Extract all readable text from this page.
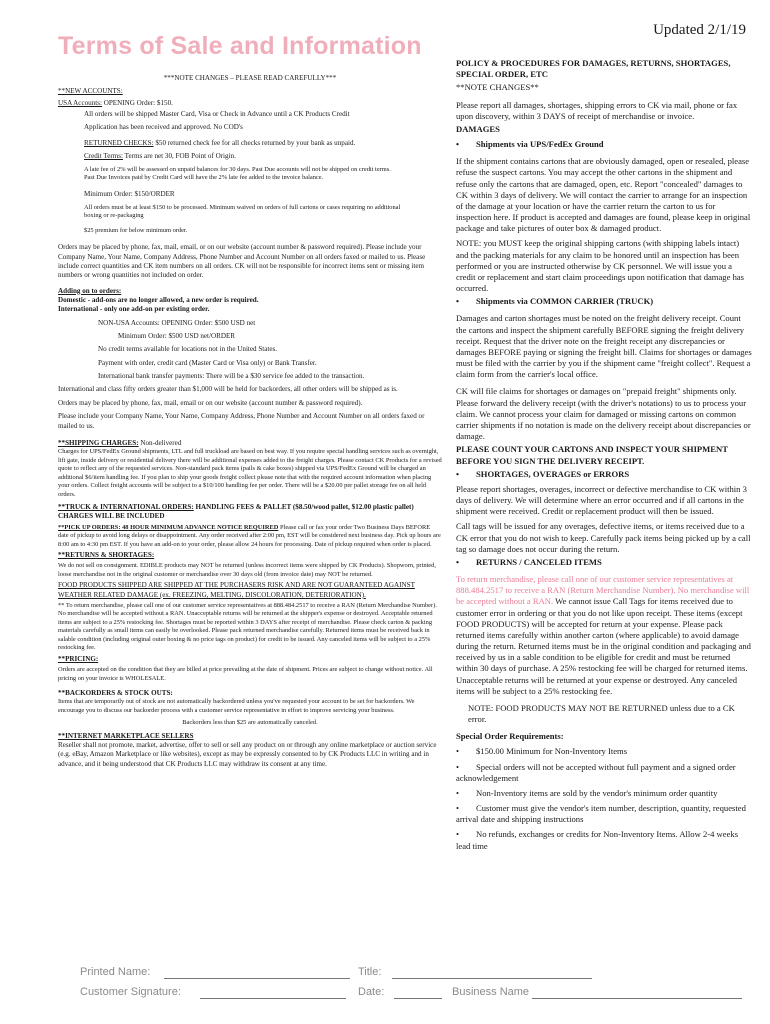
Terms of Sale and Information
Updated 2/1/19

***NOTE CHANGES – PLEASE READ CAREFULLY***

**NEW ACCOUNTS:

USA Accounts: OPENING Order: $150.

All orders will be shipped Master Card, Visa or Check in Advance until a CK Products Credit

Application has been received and approved. No COD's

RETURNED CHECKS: $50 returned check fee for all checks returned by your bank as unpaid.

Credit Terms: Terms are net 30, FOB Point of Origin.

A late fee of 2% will be assessed on unpaid balances for 30 days. Past Due accounts will not be shipped on credit terms.

Past Due Invoices paid by Credit Card will have the 2% late fee added to the invoice balance.

Minimum Order: $150/ORDER

All orders must be at least $150 to be processed. Minimum waived on orders of full cartons or cases requiring no additional

boxing or re-packaging

$25 premium for below minimum order.

Orders may be placed by phone, fax, mail, email, or on our website (account number & password required). Please include your Company Name, Your Name, Company Address, Phone Number and Account Number on all orders faxed or mailed to us. Please include correct quantities and CK item numbers on all orders. CK will not be responsible for incorrect items sent or missing item numbers or wrong quantities not included on order.

Adding on to orders:

Domestic - add-ons are no longer allowed, a new order is required.

International - only one add-on per existing order.

NON-USA Accounts: OPENING Order: $500 USD net

Minimum Order: $500 USD net/ORDER

No credit terms available for locations not in the United States.

Payment with order, credit card (Master Card or Visa only) or Bank Transfer.

International bank transfer payments: There will be a $30 service fee added to the transaction.

International and class fifty orders greater than $1,000 will be held for backorders, all other orders will be shipped as is.

Orders may be placed by phone, fax, mail, email or on our website (account number & password required).

Please include your Company Name, Your Name, Company Address, Phone Number and Account Number on all orders faxed or mailed to us.

**SHIPPING CHARGES: Non-delivered

Charges for UPS/FedEx Ground shipments, LTL and full truckload are based on best way. If you require special handling services such as overnight, lift gate, inside delivery or residential delivery there will be additional expenses added to the freight charges. Please contact CK Products for a revised quote to reflect any of the requested services. Non-standard pack items (pails & cake boxes) shipped via UPS/FedEx Ground will be charged an additional $6/item handling fee. If you plan to ship your goods freight collect please note that with the required account information when placing your orders. Collect freight accounts will be subject to a $10/100 handling fee per order. There will be a $20.00 per pallet storage fee on all held orders.

**TRUCK & INTERNATIONAL ORDERS: HANDLING FEES & PALLET ($8.50/wood pallet, $12.00 plastic pallet) CHARGES WILL BE INCLUDED

**PICK UP ORDERS: 48 HOUR MINIMUM ADVANCE NOTICE REQUIRED Please call or fax your order Two Business Days BEFORE date of pickup to avoid long delays or disappointment. Any order received after 2:00 pm, EST will be considered next business day. Pick up hours are 8:00 am to 4:30 pm EST. If you have an add-on to your order, please allow 24 hours for processing. Date of pickup required when order is placed.

**RETURNS & SHORTAGES:

We do not sell on consignment. EDIBLE products may NOT be returned (unless incorrect items were shipped by CK Products). Shopworn, printed, loose merchandise not in the original customer or merchandise over 30 days old (from invoice date) may NOT be returned.

FOOD PRODUCTS SHIPPED ARE SHIPPED AT THE PURCHASERS RISK AND ARE NOT GUARANTEED AGAINST WEATHER RELATED DAMAGE (ex. FREEZING, MELTING, DISCOLORATION, DETERIORATION).

** To return merchandise, please call one of our customer service representatives at 888.484.2517 to receive a RAN (Return Merchandise Number). No merchandise will be accepted without a RAN. Unacceptable returns will be returned at the shipper's expense or destroyed. Acceptable returned items are subject to a 25% restocking fee. Shortages must be reported within 3 DAYS after receipt of merchandise. Please check carton & packing materials carefully as small items can easily be overlooked. Please pack returned merchandise carefully. Returned items must be received back in salable condition (including original outer boxing & no price tags on product) for credit to be issued. Any canceled items will be subject to a 25% restocking fee.

**PRICING:

Orders are accepted on the condition that they are billed at price prevailing at the date of shipment. Prices are subject to change without notice. All pricing on your invoice is WHOLESALE.

**BACKORDERS & STOCK OUTS:

Items that are temporarily out of stock are not automatically backordered unless you've requested your account to be set for backorders. We encourage you to discuss our backorder process with a customer service representative in effort to improve servicing your business.

Backorders less than $25 are automatically canceled.

**INTERNET MARKETPLACE SELLERS

Reseller shall not promote, market, advertise, offer to sell or sell any product on or through any online marketplace or auction service (e.g. eBay, Amazon Marketplace or like websites), except as may be expressly consented to by CK Products LLC in writing and in advance, and it being understood that CK Products LLC may withdraw its consent at any time.

POLICY & PROCEDURES FOR DAMAGES, RETURNS, SHORTAGES, SPECIAL ORDER, ETC

**NOTE CHANGES**

Please report all damages, shortages, shipping errors to CK via mail, phone or fax upon discovery, within 3 DAYS of receipt of merchandise or invoice.

DAMAGES

• Shipments via UPS/FedEx Ground

If the shipment contains cartons that are obviously damaged, open or resealed, please refuse the suspect cartons. You may accept the other cartons in the shipment and refuse only the cartons that are damaged, open, etc. Report "concealed" damages to CK within 3 days of delivery. We will contact the carrier to arrange for an inspection of the damage at your location or have the carrier return the carton to us for inspection here. If product is accepted and damages are found, please keep in original package and take pictures of outer box & damaged product.

NOTE: you MUST keep the original shipping cartons (with shipping labels intact) and the packing materials for any claim to be honored until an inspection has been performed or you are instructed otherwise by CK personnel. We will issue you a credit or replacement and start claim proceedings upon notification that damage has occurred.

• Shipments via COMMON CARRIER (TRUCK)

Damages and carton shortages must be noted on the freight delivery receipt. Count the cartons and inspect the shipment carefully BEFORE signing the freight delivery receipt. Request that the driver note on the freight receipt any discrepancies or damages BEFORE paying or signing the freight bill. Claims for shortages or damages must be filed with the carrier by you if the shipment came "freight collect". Request a claim form from the carrier's local office.

CK will file claims for shortages or damages on "prepaid freight" shipments only. Please forward the delivery receipt (with the driver's notations) to us to process your claim. We cannot process your claim for damaged or missing cartons on common carrier shipments if no notation is made on the delivery receipt about discrepancies or damage.

PLEASE COUNT YOUR CARTONS AND INSPECT YOUR SHIPMENT BEFORE YOU SIGN THE DELIVERY RECEIPT.

• SHORTAGES, OVERAGES or ERRORS

Please report shortages, overages, incorrect or defective merchandise to CK within 3 days of delivery. We will determine where an error occurred and if all cartons in the shipment were received. Credit or replacement product will then be issued.

Call tags will be issued for any overages, defective items, or items received due to a CK error that you do not wish to keep. Carefully pack items being picked up by a call tag so damage does not occur during the return.

• RETURNS / CANCELED ITEMS

To return merchandise, please call one of our customer service representatives at 888.484.2517 to receive a RAN (Return Merchandise Number). No merchandise will be accepted without a RAN. We cannot issue Call Tags for items received due to customer error in ordering or that you do not like upon receipt. These items (except FOOD PRODUCTS) will be accepted for return at your expense. Please pack returned items carefully within another carton (where applicable) to avoid damage during the return. Returned items must be in the original condition and packaging and received by us in a sable condition to be eligible for credit and must be returned within 30 days of purchase. A 25% restocking fee will be charged for returned items. Unacceptable returns will be returned at your expense or destroyed. Any canceled items will be subject to a 25% restocking fee.

NOTE: FOOD PRODUCTS MAY NOT BE RETURNED unless due to a CK error.

Special Order Requirements:

• $150.00 Minimum for Non-Inventory Items

• Special orders will not be accepted without full payment and a signed order acknowledgement

• Non-Inventory items are sold by the vendor's minimum order quantity

• Customer must give the vendor's item number, description, quantity, requested arrival date and shipping instructions

• No refunds, exchanges or credits for Non-Inventory Items. Allow 2-4 weeks lead time

Printed Name:	Title:
Customer Signature:	Date:	Business Name
